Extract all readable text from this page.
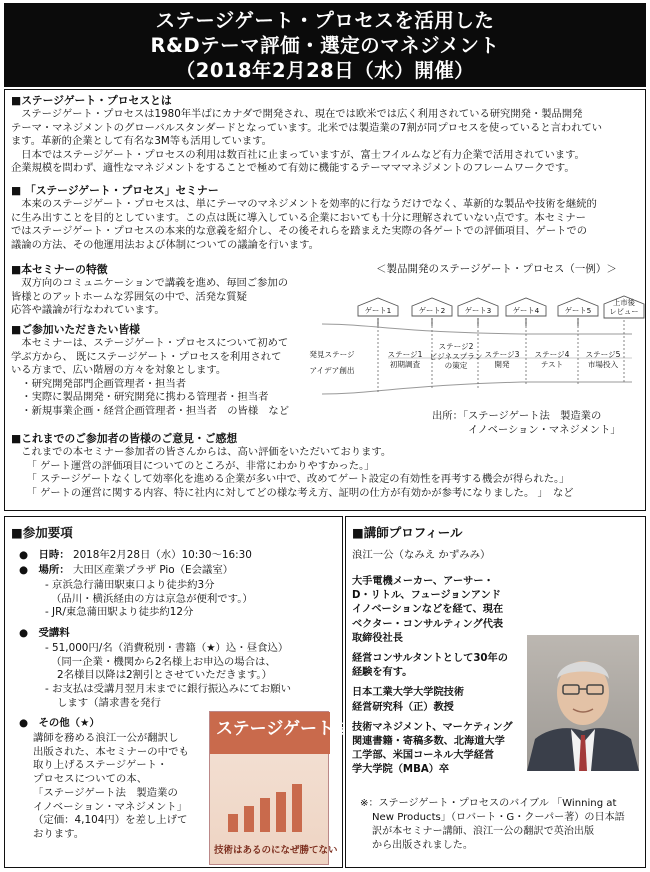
ステージゲート・プロセスを活用した
R&Dテーマ評価・選定のマネジメント
（2018年2月28日（水）開催）
■ステージゲート・プロセスとは
　ステージゲート・プロセスは1980年半ばにカナダで開発され、現在では欧米では広く利用されている研究開発・製品開発
テーマ・マネジメントのグローバルスタンダードとなっています。北米では製造業の7割が同プロセスを使っていると言われてい
ます。革新的企業として有名な3M等も活用しています。
　日本ではステージゲート・プロセスの利用は数百社に止まっていますが、富士フイルムなど有力企業で活用されています。
企業規模を問わず、適性なマネジメントをすることで極めて有効に機能するテーマママネジメントのフレームワークです。
■ 「ステージゲート・プロセス」セミナー
　本来のステージゲート・プロセスは、単にテーマのマネジメントを効率的に行なうだけでなく、革新的な製品や技術を継続的
に生み出すことを目的としています。この点は既に導入している企業においても十分に理解されていない点です。本セミナー
ではステージゲート・プロセスの本来的な意義を紹介し、その後それらを踏まえた実際の各ゲートでの評価項目、ゲートでの
議論の方法、その他運用法および体制についての議論を行います。
■本セミナーの特徴
　双方向のコミュニケーションで講義を進め、毎回ご参加の
皆様とのアットホームな雰囲気の中で、活発な質疑
応答や議論が行なわれています。
■ご参加いただきたい皆様
　本セミナーは、ステージゲート・プロセスについて初めて
学ぶ方から、 既にステージゲート・プロセスを利用されて
いる方まで、広い階層の方々を対象とします。
　・研究開発部門企画管理者・担当者
　・実際に製品開発・研究開発に携わる管理者・担当者
　・新規事業企画・経営企画管理者・担当者　の皆様　など
■これまでのご参加者の皆様のご意見・ご感想
　これまでの本セミナー参加者の皆さんからは、高い評価をいただいております。
　　「 ゲート運営の評価項目についてのところが、非常にわかりやすかった。」
　　「 ステージゲートなくして効率化を進める企業が多い中で、改めてゲート設定の有効性を再考する機会が得られた。」
　　「 ゲートの運営に関する内容、特に社内に対してどの様な考え方、証明の仕方が有効かが参考になりました。 」　など
＜製品開発のステージゲート・プロセス（一例）＞
ゲート1	ゲート2	ゲート3	ゲート4	ゲート5
上市後
レビュー
発見ステージ
アイデア創出
ステージ1
初期調査
ステージ2
ビジネスプラン
の策定
ステージ3
開発
ステージ4
テスト
ステージ5
市場投入
出所：「ステージゲート法　製造業の
イノベーション・マネジメント」
■参加要項
●　日時： 2018年2月28日（水）10:30～16:30
●　場所： 大田区産業プラザ Pio（E会議室）
- 京浜急行蒲田駅東口より徒歩約3分
（品川・横浜経由の方は京急が便利です。）
- JR/東急蒲田駅より徒歩約12分
●　受講料
- 51,000円/名（消費税別・書籍（★）込・昼食込）
（同一企業・機関から2名様上お申込の場合は、
2名様目以降は2割引とさせていただきます。）
- お支払は受講月翌月末までに銀行振込みにてお願い
します（請求書を発行
●　その他（★）
講師を務める浪江一公が翻訳し
出版された、本セミナーの中でも
取り上げるステージゲート・
プロセスについての本、
「ステージゲート法　製造業の
イノベーション・マネジメント」
（定価：4,104円）を差し上げて
おります。
ステージゲート法
技術はあるのになぜ勝てない
■講師プロフィール
浪江一公（なみえ かずみみ）
大手電機メーカー、アーサー・
D・リトル、フュージョンアンド
イノベーションなどを経て、現在
ベクター・コンサルティング代表
取締役社長
経営コンサルタントとして30年の
経験を有す。
日本工業大学大学院技術
経営研究科（正）教授
技術マネジメント、マーケティング
関連書籍・寄稿多数、北海道大学
工学部、米国コーネル大学経営
学大学院（MBA）卒
※：ステージゲート・プロセスのバイブル 「Winning at
New Products」（ロバート・G・クーパー著）の日本語
訳が本セミナー講師、浪江一公の翻訳で英治出版
から出版されました。
